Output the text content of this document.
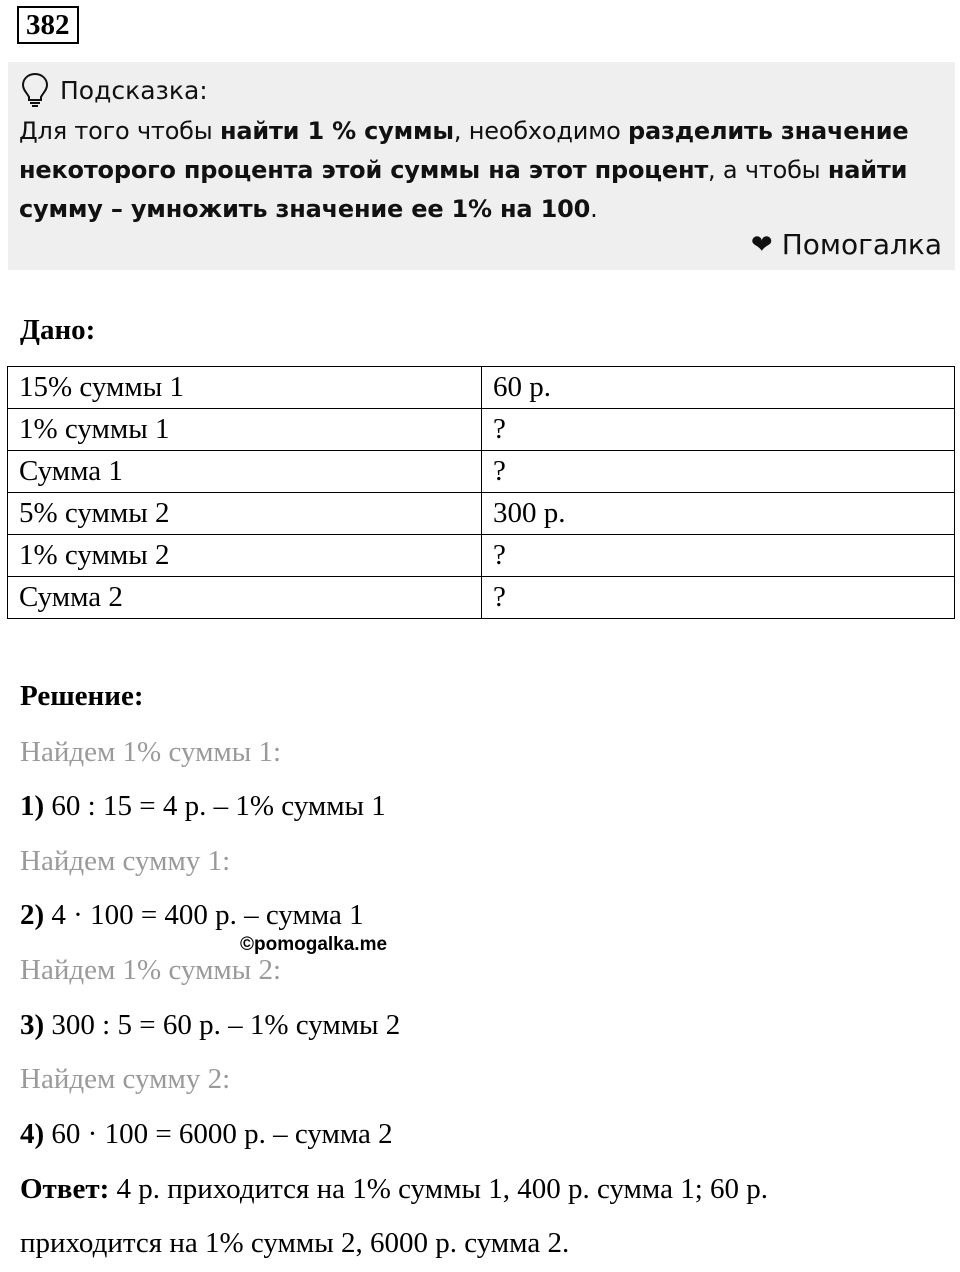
382
Подсказка:
Для того чтобы найти 1 % суммы, необходимо разделить значение некоторого процента этой суммы на этот процент, а чтобы найти сумму – умножить значение ее 1% на 100.
❤ Помогалка
Дано:
15% суммы 1	60 р.
1% суммы 1	?
Сумма 1	?
5% суммы 2	300 р.
1% суммы 2	?
Сумма 2	?
Решение:
Найдем 1% суммы 1:
1) 60 : 15 = 4 р. – 1% суммы 1
Найдем сумму 1:
2) 4 · 100 = 400 р. – сумма 1
Найдем 1% суммы 2:
3) 300 : 5 = 60 р. – 1% суммы 2
Найдем сумму 2:
4) 60 · 100 = 6000 р. – сумма 2
©pomogalka.me
Ответ: 4 р. приходится на 1% суммы 1, 400 р. сумма 1; 60 р.
приходится на 1% суммы 2, 6000 р. сумма 2.
